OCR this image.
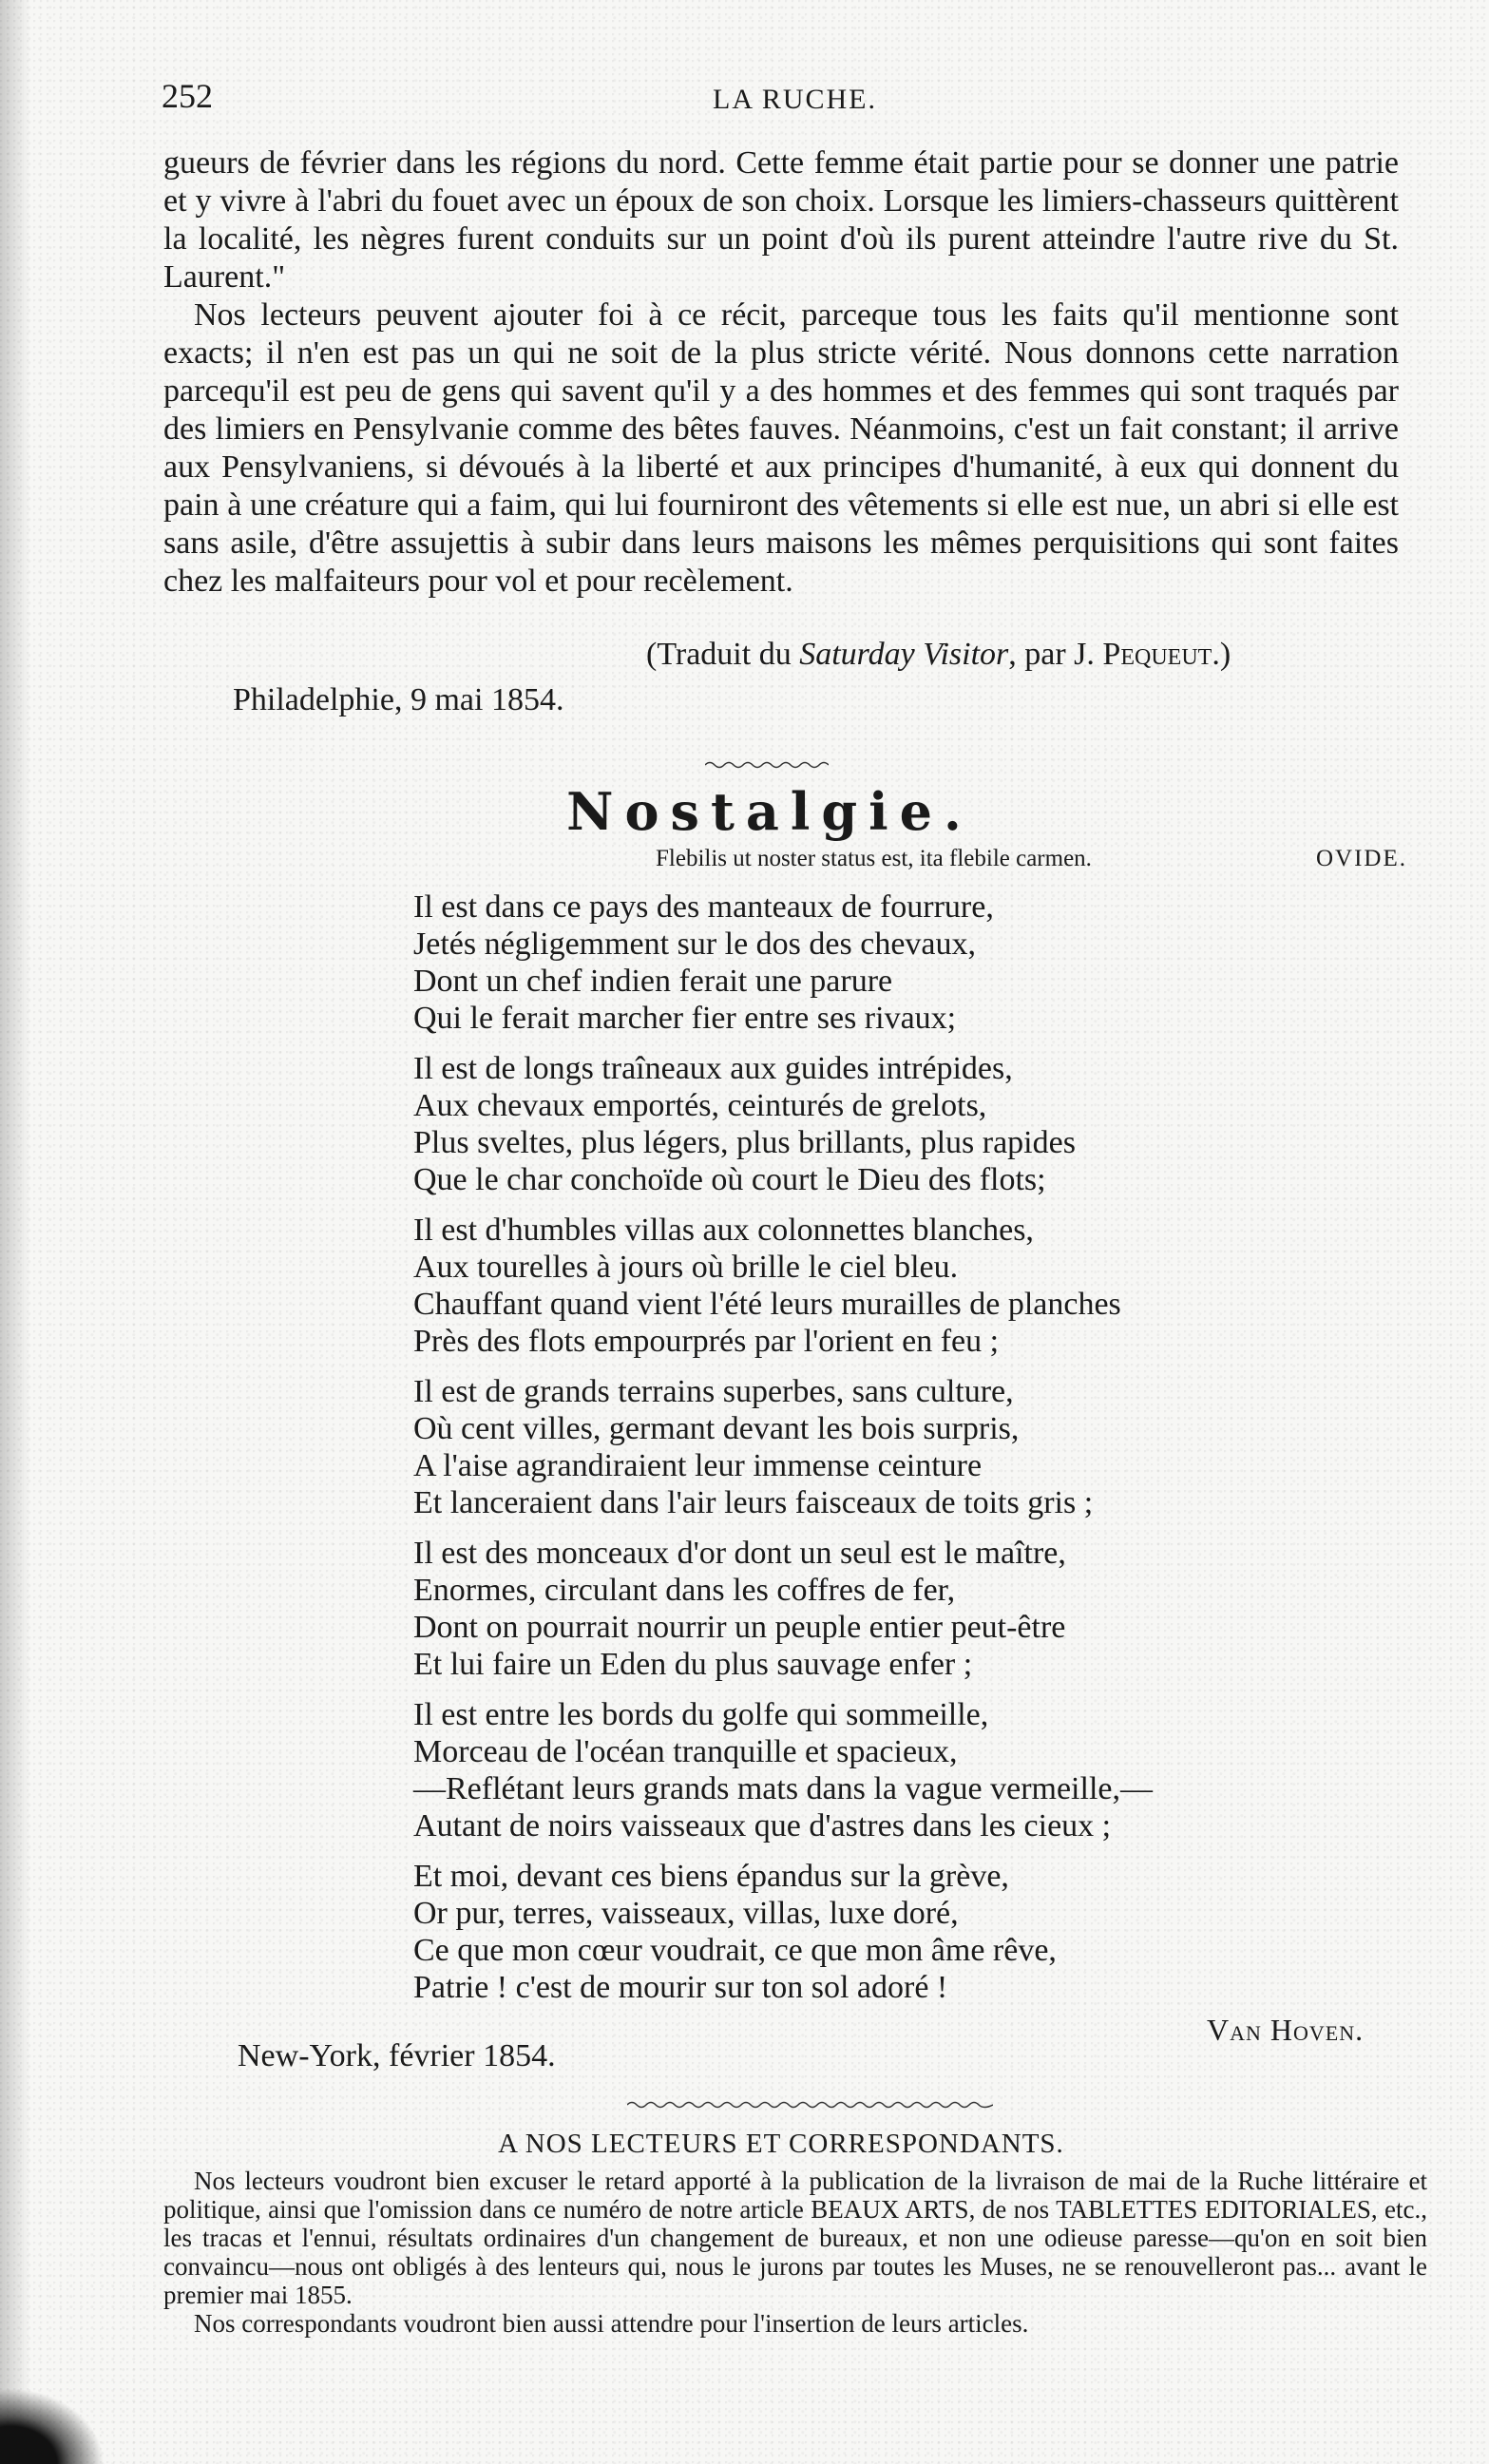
252	LA RUCHE.

gueurs de février dans les régions du nord. Cette femme était partie pour se donner une patrie et y vivre à l'abri du fouet avec un époux de son choix. Lorsque les limiers-chasseurs quittèrent la localité, les nègres furent conduits sur un point d'où ils purent atteindre l'autre rive du St. Laurent."

Nos lecteurs peuvent ajouter foi à ce récit, parceque tous les faits qu'il mentionne sont exacts; il n'en est pas un qui ne soit de la plus stricte vérité. Nous donnons cette narration parcequ'il est peu de gens qui savent qu'il y a des hommes et des femmes qui sont traqués par des limiers en Pensylvanie comme des bêtes fauves. Néanmoins, c'est un fait constant; il arrive aux Pensylvaniens, si dévoués à la liberté et aux principes d'humanité, à eux qui donnent du pain à une créature qui a faim, qui lui fourniront des vêtements si elle est nue, un abri si elle est sans asile, d'être assujettis à subir dans leurs maisons les mêmes perquisitions qui sont faites chez les malfaiteurs pour vol et pour recèlement.

(Traduit du Saturday Visitor, par J. Pequeut.)
Philadelphie, 9 mai 1854.
Nostalgie.
Flebilis ut noster status est, ita flebile carmen.	OVIDE.
Il est dans ce pays des manteaux de fourrure,
Jetés négligemment sur le dos des chevaux,
Dont un chef indien ferait une parure
Qui le ferait marcher fier entre ses rivaux;
Il est de longs traîneaux aux guides intrépides,
Aux chevaux emportés, ceinturés de grelots,
Plus sveltes, plus légers, plus brillants, plus rapides
Que le char conchoïde où court le Dieu des flots;
Il est d'humbles villas aux colonnettes blanches,
Aux tourelles à jours où brille le ciel bleu.
Chauffant quand vient l'été leurs murailles de planches
Près des flots empourprés par l'orient en feu ;
Il est de grands terrains superbes, sans culture,
Où cent villes, germant devant les bois surpris,
A l'aise agrandiraient leur immense ceinture
Et lanceraient dans l'air leurs faisceaux de toits gris ;
Il est des monceaux d'or dont un seul est le maître,
Enormes, circulant dans les coffres de fer,
Dont on pourrait nourrir un peuple entier peut-être
Et lui faire un Eden du plus sauvage enfer ;
Il est entre les bords du golfe qui sommeille,
Morceau de l'océan tranquille et spacieux,
—Reflétant leurs grands mats dans la vague vermeille,—
Autant de noirs vaisseaux que d'astres dans les cieux ;
Et moi, devant ces biens épandus sur la grève,
Or pur, terres, vaisseaux, villas, luxe doré,
Ce que mon cœur voudrait, ce que mon âme rêve,
Patrie ! c'est de mourir sur ton sol adoré !
Van Hoven.
New-York, février 1854.
A NOS LECTEURS ET CORRESPONDANTS.

Nos lecteurs voudront bien excuser le retard apporté à la publication de la livraison de mai de la Ruche littéraire et politique, ainsi que l'omission dans ce numéro de notre article BEAUX ARTS, de nos TABLETTES EDITORIALES, etc., les tracas et l'ennui, résultats ordinaires d'un changement de bureaux, et non une odieuse paresse—qu'on en soit bien convaincu—nous ont obligés à des lenteurs qui, nous le jurons par toutes les Muses, ne se renouvelleront pas... avant le premier mai 1855.

Nos correspondants voudront bien aussi attendre pour l'insertion de leurs articles.
